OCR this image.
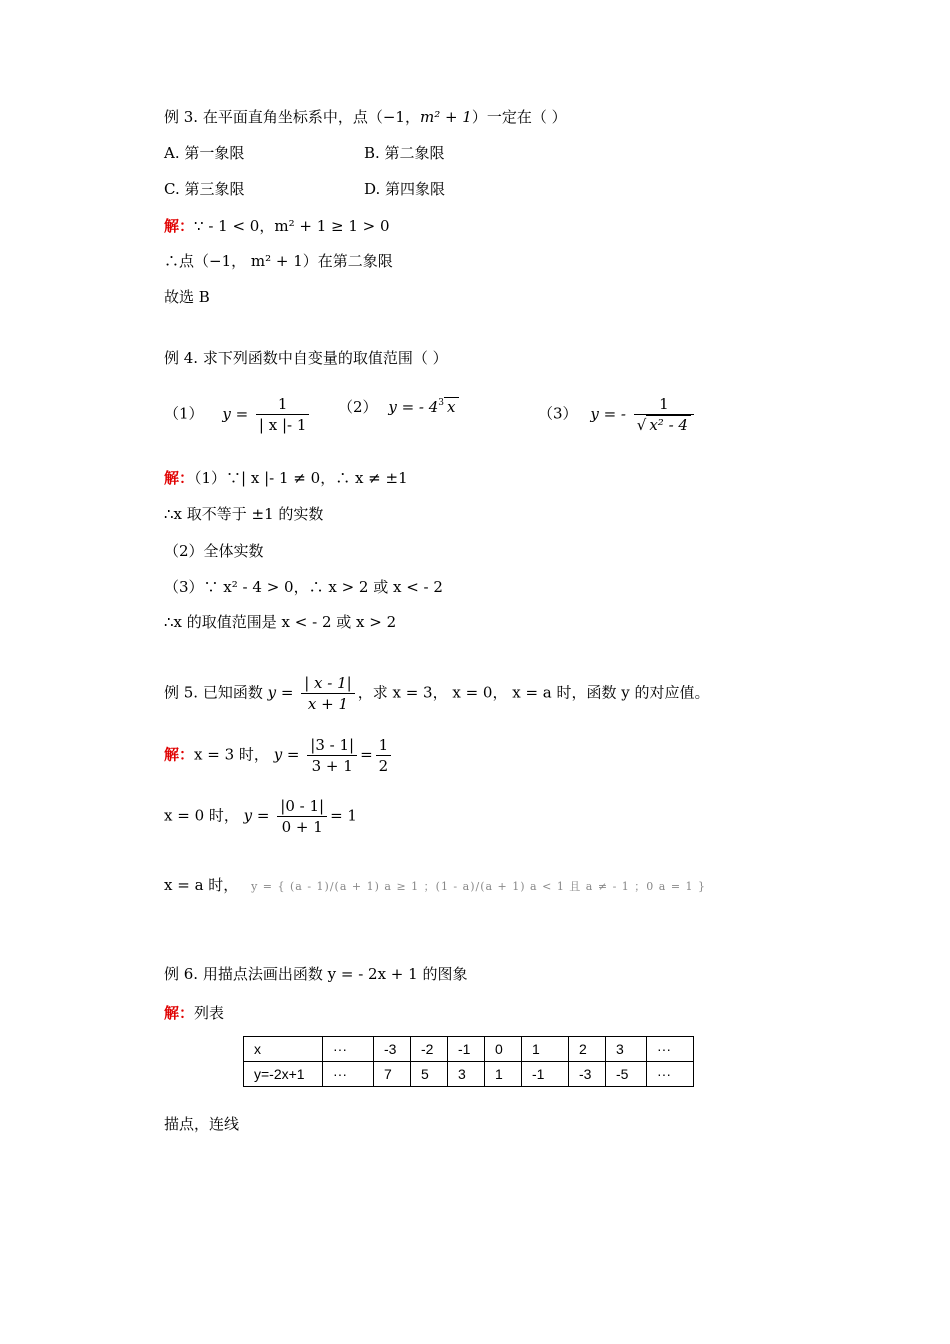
例 3. 在平面直角坐标系中，点（−1，m² + 1）一定在（ ）
A. 第一象限	B. 第二象限
C. 第三象限	D. 第四象限
解：∵ - 1 < 0，m² + 1 ≥ 1 > 0
∴点（−1， m² + 1）在第二象限
故选 B
例 4. 求下列函数中自变量的取值范围（ ）
（1） $y = \frac{1}{| x |- 1} (2) y$ = - $4^3$ x	（3） y = - $\frac{1}{\text{√ x² - 4}}$
解：（1）∵| x |- 1 ≠ 0，∴ x ≠ ±1
∴x 取不等于 ±1 的实数
（2）全体实数
（3）∵ x² - 4 > 0，∴ x > 2 或 x < - 2
∴x 的取值范围是 x < - 2 或 x > 2
例 5. 已知函数 $y = \frac{| x - 1|}{x + 1}$ ，求 x = 3， x = 0， x = a 时，函数 y 的对应值。
解：x = 3 时， $y = \frac{|3 - 1|}{3 + 1} = \frac{1}{2}$
x = 0 时， $y = \frac{|0 - 1|}{0 + 1} = 1$
x = a 时， y = { (a - 1)/(a + 1) a ≥ 1 ；(1 - a)/(a + 1) a < 1 且 a ≠ - 1 ；0 a = 1 }
例 6. 用描点法画出函数 y = - 2x + 1 的图象
解：列表
x	···	-3	-2	-1	0	1	2	3	···
y=-2x+1	···	7	5	3	1	-1	-3	-5	···
描点，连线
